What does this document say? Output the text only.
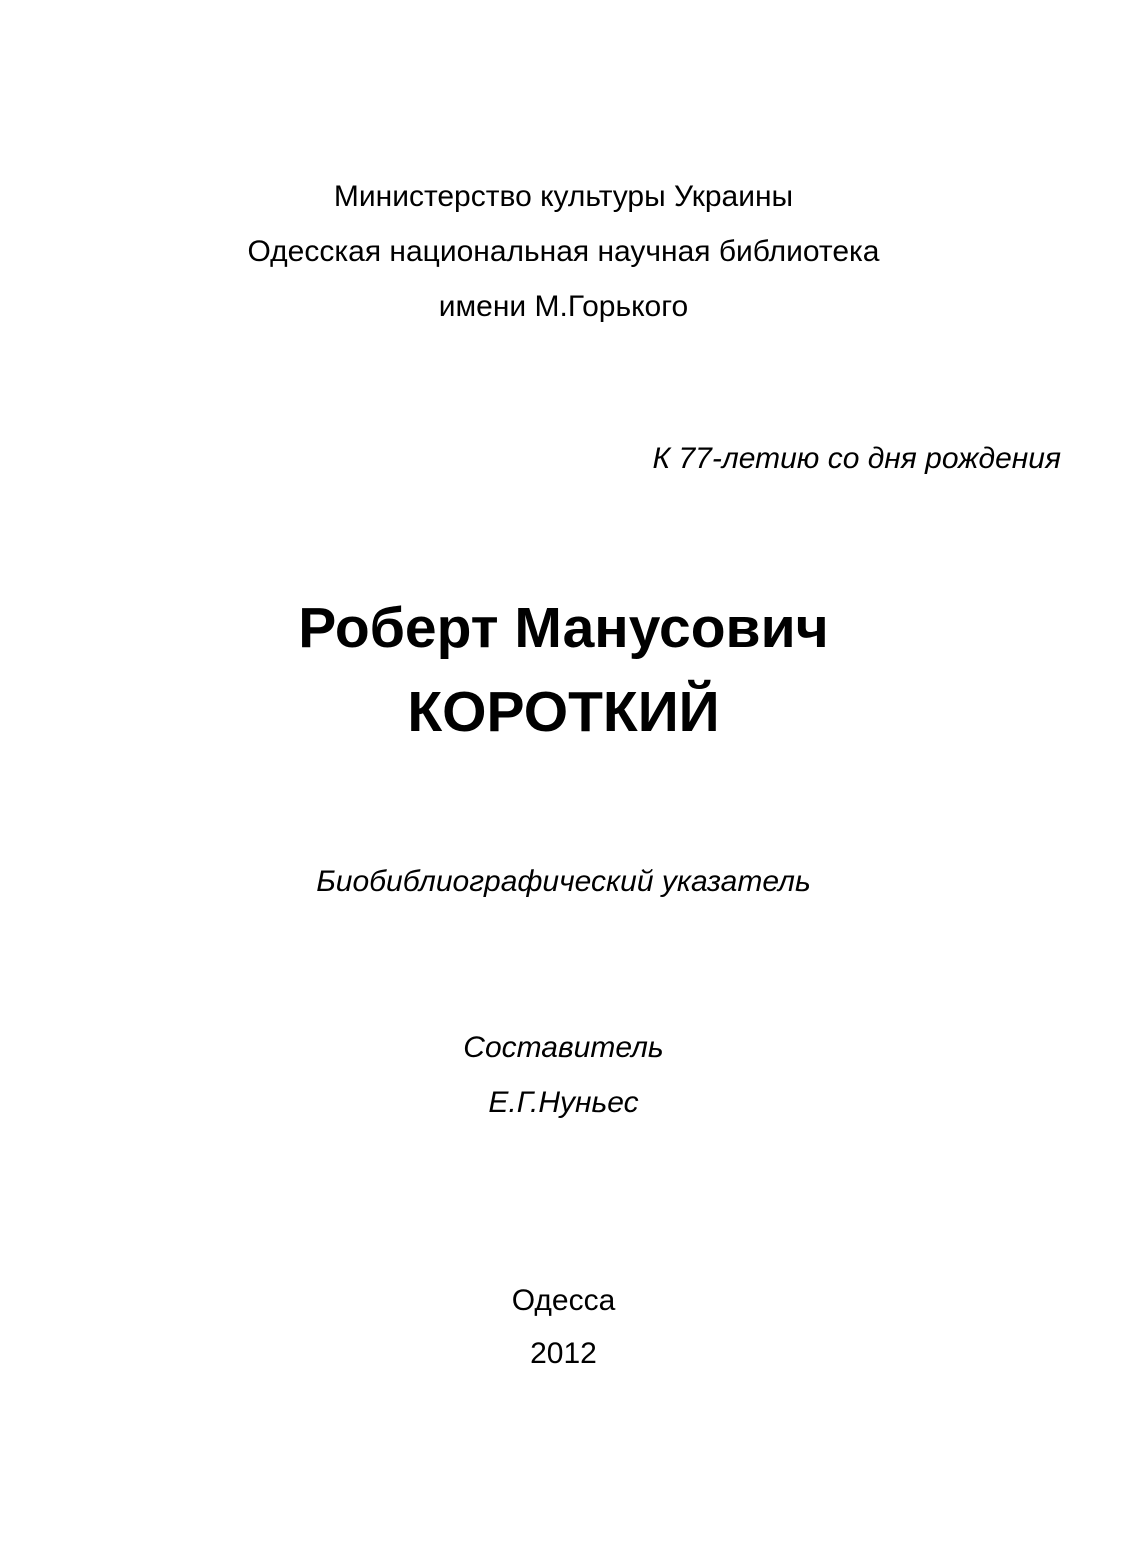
Министерство культуры Украины
Одесская национальная научная библиотека
имени М.Горького
К 77-летию со дня рождения
Роберт Манусович
КОРОТКИЙ
Биобиблиографический указатель
Составитель
Е.Г.Нуньес
Одесса
2012
